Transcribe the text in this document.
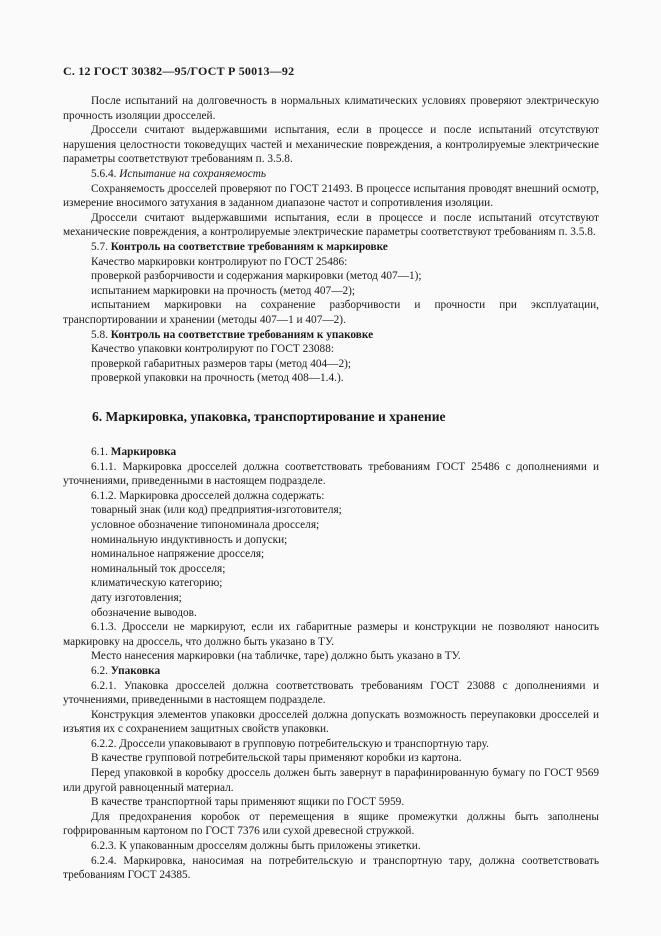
С. 12 ГОСТ 30382—95/ГОСТ Р 50013—92

После испытаний на долговечность в нормальных климатических условиях проверяют электрическую прочность изоляции дросселей.

Дроссели считают выдержавшими испытания, если в процессе и после испытаний отсутствуют нарушения целостности токоведущих частей и механические повреждения, а контролируемые электрические параметры соответствуют требованиям п. 3.5.8.

5.6.4. Испытание на сохраняемость

Сохраняемость дросселей проверяют по ГОСТ 21493. В процессе испытания проводят внешний осмотр, измерение вносимого затухания в заданном диапазоне частот и сопротивления изоляции.

Дроссели считают выдержавшими испытания, если в процессе и после испытаний отсутствуют механические повреждения, а контролируемые электрические параметры соответствуют требованиям п. 3.5.8.

5.7. Контроль на соответствие требованиям к маркировке

Качество маркировки контролируют по ГОСТ 25486:

проверкой разборчивости и содержания маркировки (метод 407—1);

испытанием маркировки на прочность (метод 407—2);

испытанием маркировки на сохранение разборчивости и прочности при эксплуатации, транспортировании и хранении (методы 407—1 и 407—2).

5.8. Контроль на соответствие требованиям к упаковке

Качество упаковки контролируют по ГОСТ 23088:

проверкой габаритных размеров тары (метод 404—2);

проверкой упаковки на прочность (метод 408—1.4.).

6. Маркировка, упаковка, транспортирование и хранение

6.1. Маркировка

6.1.1. Маркировка дросселей должна соответствовать требованиям ГОСТ 25486 с дополнениями и уточнениями, приведенными в настоящем подразделе.

6.1.2. Маркировка дросселей должна содержать:

товарный знак (или код) предприятия-изготовителя;

условное обозначение типономинала дросселя;

номинальную индуктивность и допуски;

номинальное напряжение дросселя;

номинальный ток дросселя;

климатическую категорию;

дату изготовления;

обозначение выводов.

6.1.3. Дроссели не маркируют, если их габаритные размеры и конструкции не позволяют наносить маркировку на дроссель, что должно быть указано в ТУ.

Место нанесения маркировки (на табличке, таре) должно быть указано в ТУ.

6.2. Упаковка

6.2.1. Упаковка дросселей должна соответствовать требованиям ГОСТ 23088 с дополнениями и уточнениями, приведенными в настоящем подразделе.

Конструкция элементов упаковки дросселей должна допускать возможность переупаковки дросселей и изъятия их с сохранением защитных свойств упаковки.

6.2.2. Дроссели упаковывают в групповую потребительскую и транспортную тару.

В качестве групповой потребительской тары применяют коробки из картона.

Перед упаковкой в коробку дроссель должен быть завернут в парафинированную бумагу по ГОСТ 9569 или другой равноценный материал.

В качестве транспортной тары применяют ящики по ГОСТ 5959.

Для предохранения коробок от перемещения в ящике промежутки должны быть заполнены гофрированным картоном по ГОСТ 7376 или сухой древесной стружкой.

6.2.3. К упакованным дросселям должны быть приложены этикетки.

6.2.4. Маркировка, наносимая на потребительскую и транспортную тару, должна соответствовать требованиям ГОСТ 24385.
